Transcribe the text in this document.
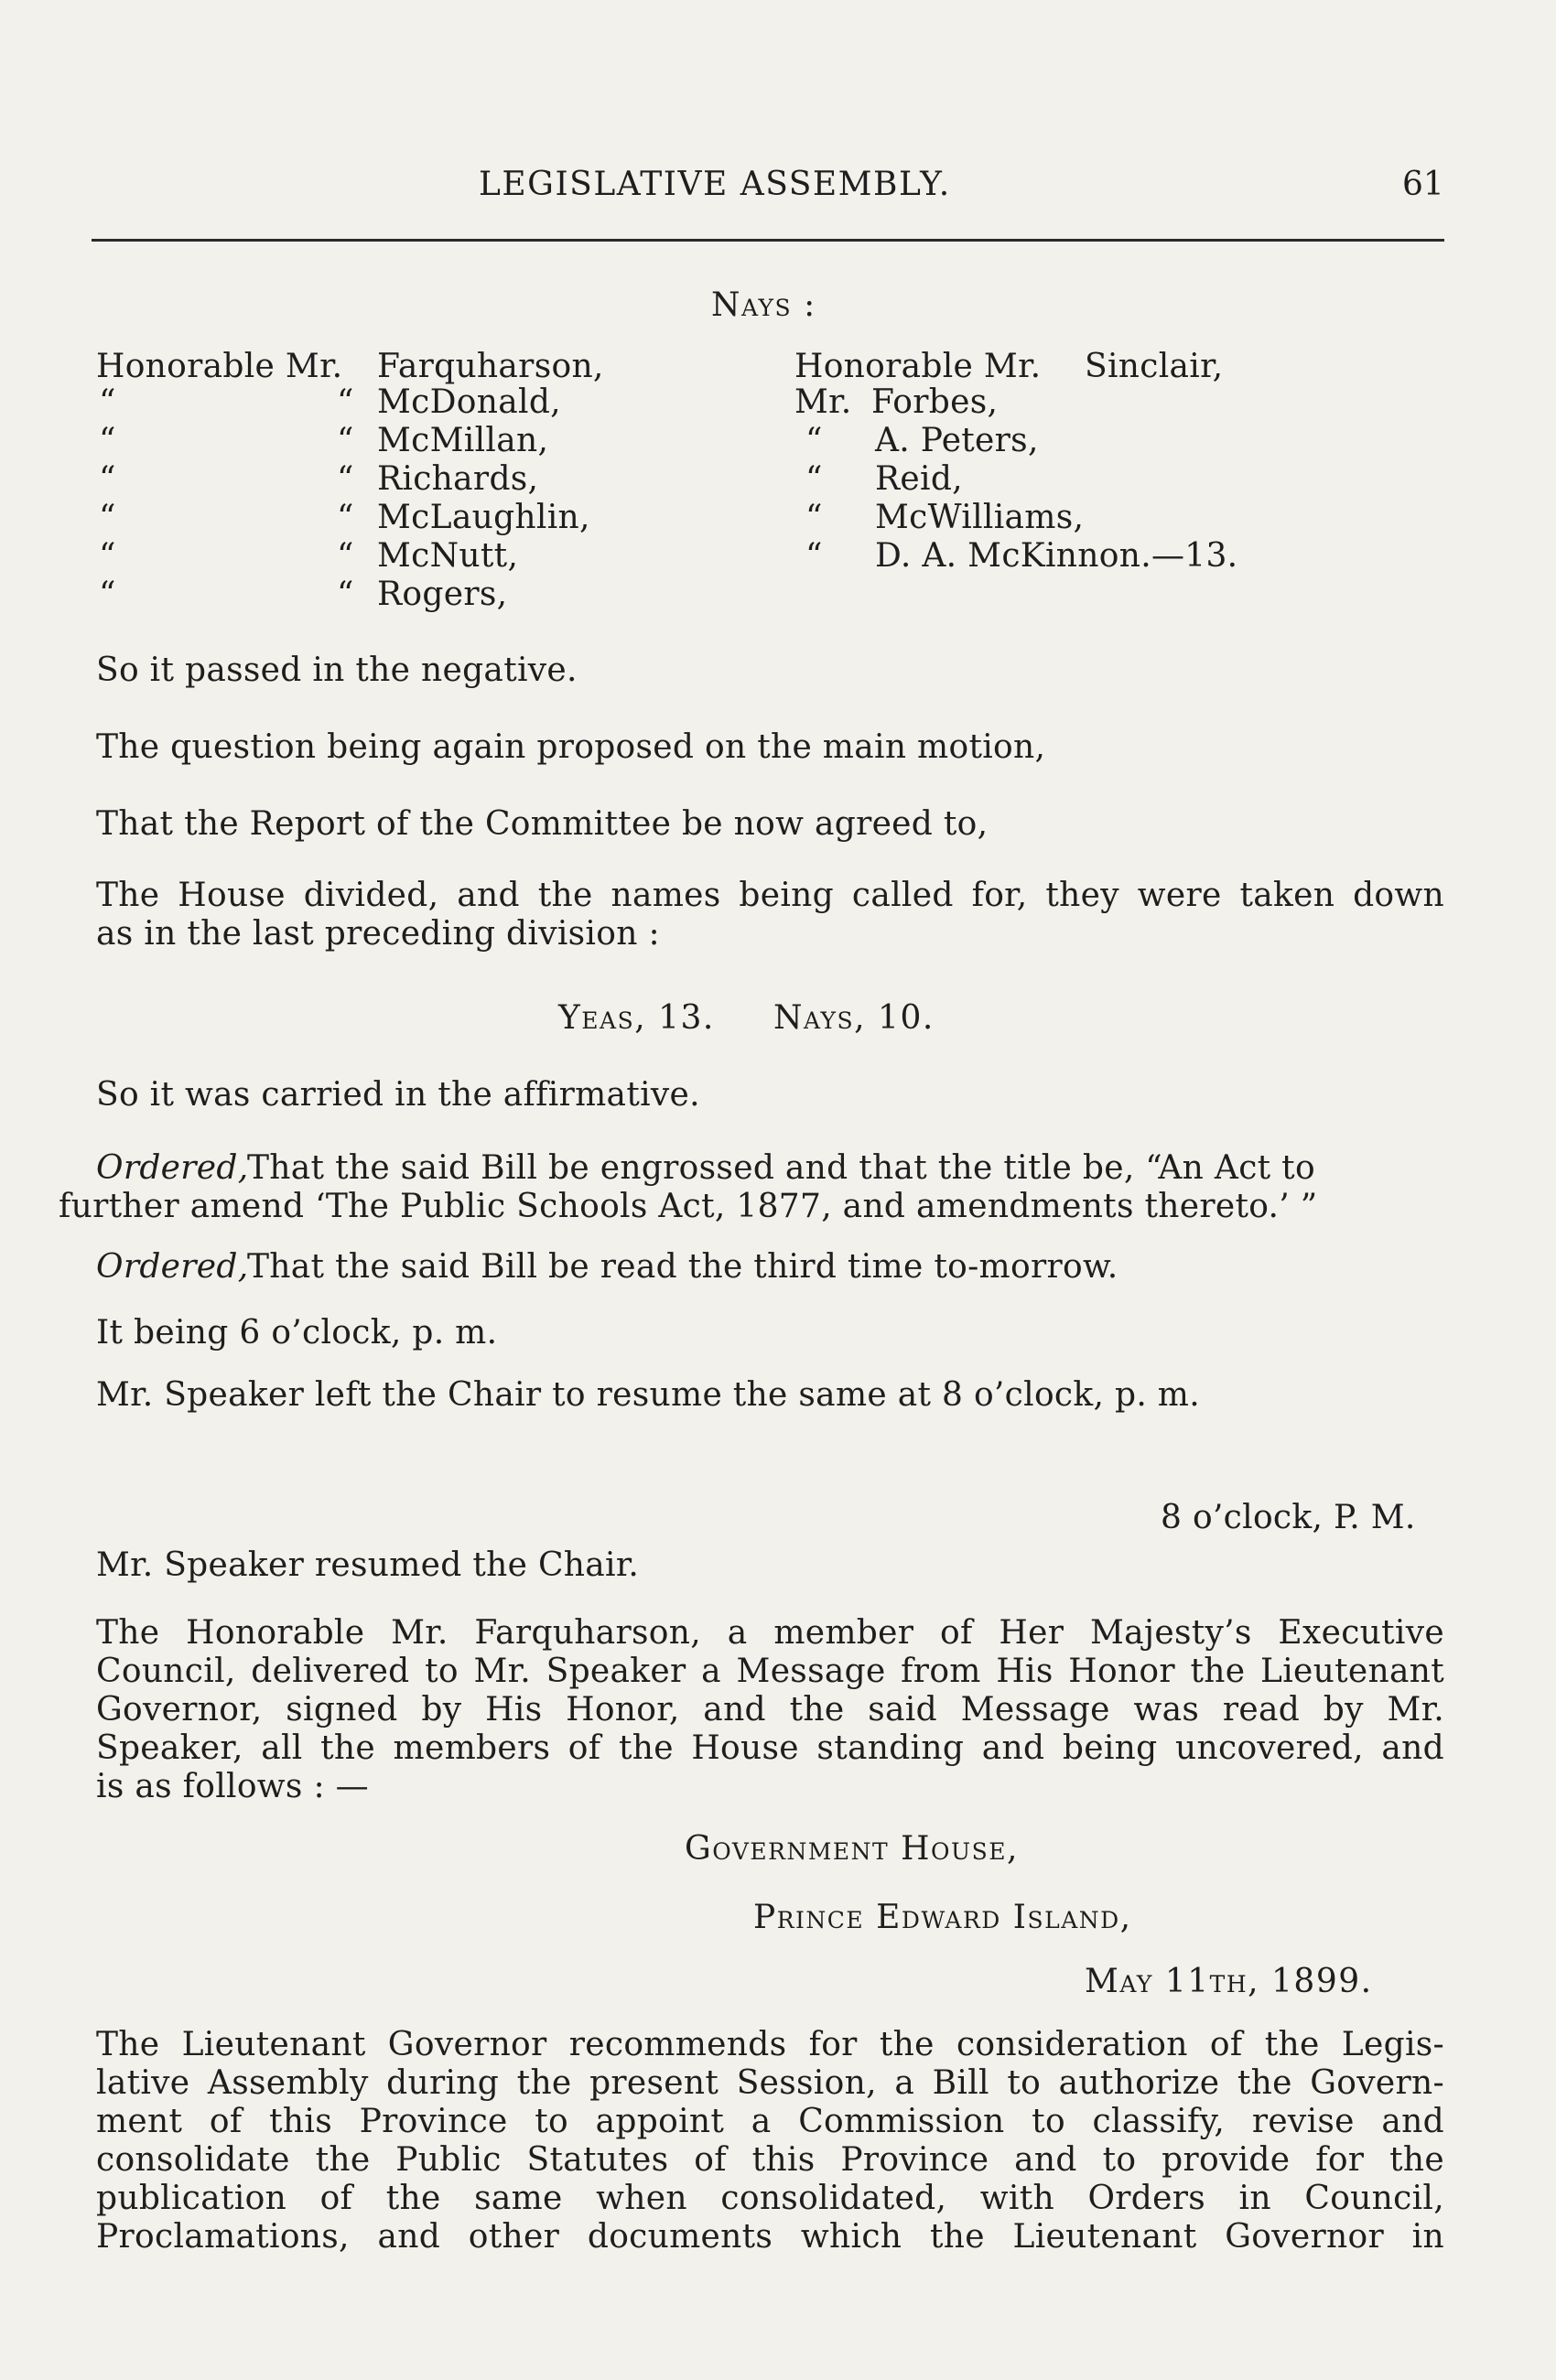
LEGISLATIVE ASSEMBLY.	61
Nays :
Honorable Mr. Farquharson,
“	“ McDonald,
“	“ McMillan,
“	“ Richards,
“	“ McLaughlin,
“	“ McNutt,
“	“ Rogers,
Honorable Mr. Sinclair,
Mr. Forbes,
“ A. Peters,
“ Reid,
“ McWilliams,
“ D. A. McKinnon.—13.
So it passed in the negative.
The question being again proposed on the main motion,
That the Report of the Committee be now agreed to,
The House divided, and the names being called for, they were taken down
as in the last preceding division :
Yeas, 13. Nays, 10.
So it was carried in the affirmative.
Ordered,
That the said Bill be engrossed and that the title be, “An Act to
further amend ‘The Public Schools Act, 1877, and amendments thereto.’ ”
Ordered,
That the said Bill be read the third time to-morrow.
It being 6 o’clock, p. m.
Mr. Speaker left the Chair to resume the same at 8 o’clock, p. m.
8 o’clock, P. M.
Mr. Speaker resumed the Chair.
The Honorable Mr. Farquharson, a member of Her Majesty’s Executive
Council, delivered to Mr. Speaker a Message from His Honor the Lieutenant
Governor, signed by His Honor, and the said Message was read by Mr.
Speaker, all the members of the House standing and being uncovered, and
is as follows : —
Government House,
Prince Edward Island,
May 11th, 1899.
The Lieutenant Governor recommends for the consideration of the Legis-
lative Assembly during the present Session, a Bill to authorize the Govern-
ment of this Province to appoint a Commission to classify, revise and
consolidate the Public Statutes of this Province and to provide for the
publication of the same when consolidated, with Orders in Council,
Proclamations, and other documents which the Lieutenant Governor in
